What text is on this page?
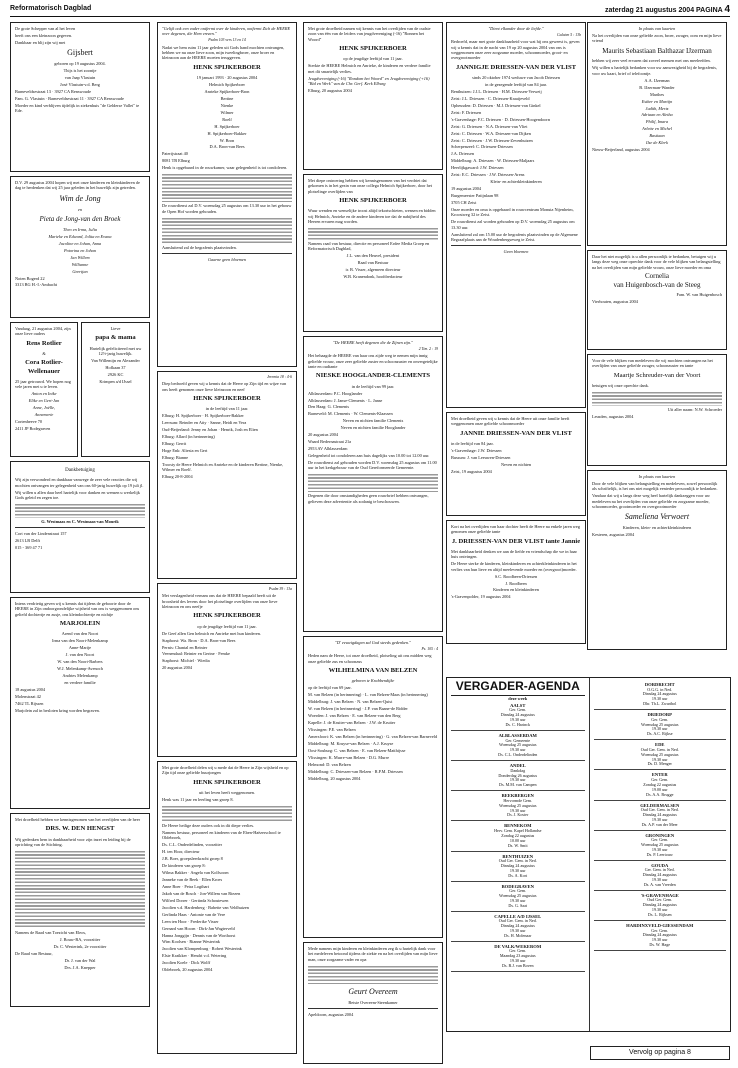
Reformatorisch Dagblad	zaterdag 21 augustus 2004 PAGINA 4

De grote Schepper van al het leven

heeft ons een kleinzoon gegeven.

Dankbaar en blij zijn wij met

Gijsbert

geboren op 19 augustus 2004.

Thijs is het zoontje

van Jaap Vlastuin

José Vlastuin-v.d. Berg

Barneveldsestraat 13 · 3927 CA Renswoude

Fam. G. Vlastuin · Barneveldsestraat 11 · 3927 CA Renswoude

Moeder en kind verblijven tijdelijk in ziekenhuis "de Gelderse Vallei" te Ede.

D.V. 29 augustus 2004 hopen wij met onze kinderen en kleinkinderen de dag te herdenken dat wij 25 jaar geleden in het huwelijk zijn getreden.

Wim de Jong
en
Pieta de Jong-van den Broek

Theo en Irma, Julia

Marieke en Edward, Jolita en Evana

Jacoline en Johan, Anna

Potorina en Johan

Jan Willem

Willianne

Geertjan

Noten Bogerd 22

3313 BG H.-I.-Ambacht

Vandaag, 21 augustus 2004, zijn onze lieve ouders

Rens Rotlier
&
Cora Rotlier-Wellenauer

25 jaar getrouwd. We hopen nog vele jaren met u te leven.

Anton en Inike

Elike en Gert-Jan

Anne, Joëlle,

Annemerie

Cortenheeve 70

2411 JP Bodegraven

Lieve
papa & mama

Hartelijk gefeliciteerd met uw 12½-jarig huwelijk.

Van Willemijn en Alexander

Hofkaan 37

2926 KC

Krimpen a/d IJssel

Dankbetuiging

Wij zijn verwonderd en dankbaar vanwege de zeer vele reacties die wij mochten ontvangen ter gelegenheid van ons 60-jarig huwelijk op 19 juli jl.

Wij willen u allen daar heel hartelijk voor danken en wensen u werkelijk Gods geleid en zegen toe.

G. Westmaas en C. Westmaas-van Mourik

Cort van der Lindenstraat 157

2613 LB Delft

015 - 369 47 71

Intens verdrietig geven wij u kennis dat tijdens de geboorte door de HEERE in Zijn ondoorgrondelijke wijsheid van ons is weggenomen ons geliefd dochtertje en zusje, ons kleindochtertje en nichtje

MARJOLEIN

Arend van den Noort

Irma van den Noort-Melenkamp

Anne-Marije

J. van den Noort

W. van den Noort-Barbers

W.J. Melenkamp-Avenoch

Andries Melenkamp

en verdere familie

18 augustus 2004

Molenstraat 42

7462 TL Rijssen

Marjolein zal in besloten kring worden begraven.

Met droefheid hebben we kennisgenomen van het overlijden van de heer

DRS. W. DEN HENGST

Wij gedenken hem in dankbaarheid voor zijn inzet en leiding bij de oprichting van de Stichting.

Namens de Raad van Toezicht van Eleos,

J. Bouw-BA, voorzitter

Dr. C. Westerink, 2e voorzitter

De Raad van Bestuur,

Dr. J. van der Wal

Drs. J.A. Knepper

"Gelijk ook een vader ontfermt over de kinderen, ontfermt Zich de HEERE over degenen, die Hem vrezen."

Psalm 103 vers 13 en 14

Nadat we hem ruim 11 jaar geleden uit Gods hand mochten ontvangen, hebben we nu onze lieve zoon, mijn tweelingbroer, onze broer en kleinzoon aan de HEERE moeten teruggeven.

HENK SPIJKERBOER

19 januari 1993 · 20 augustus 2004

Helmich Spijkerboer

Anrieke Spijkerboer-Bron

Bertine

Nienke

Wilmer

Roelf

H. Spijkerboer

H. Spijkerboer-Bakker

W. Bron

D.A. Bron-van Bees

Paterijstraat 40

8081 TB Elburg

Henk is opgebaard in de rouwkamer, waar gelegenheid is tot condoleren.

De rouwdienst zal D.V. woensdag 25 augustus om 13.30 uur in het gebouw de Open Hof worden gehouden.

Aansluitend zal de begrafenis plaatsvinden.

Gaarne geen bloemen

Jeremia 18 : 4-6

Diep bedroefd geven wij u kennis dat de Heere op Zijn tijd en wijze van ons heeft genomen onze lieve kleinzoon en neef

HENK SPIJKERBOER

in de leeftijd van 11 jaar.

Elburg: H. Spijkerboer · H. Spijkerboer-Bakker

Leersum: Reinder en Atty · Sanne, Heidi en Vera

Oud-Beijerland: Jenny en Johan · Henrik, Josh en Elien

Elburg: Allard (in herinnering)

Elburg: Gerrit

Hoge Enk: Aliesia en Gert

Elburg: Bianne

Troosty de Heere Helmich en Anrieke en de kinderen Bertine, Nienke, Wilmer en Roelf.

Elburg 20-8-2004

Psalm 39 : 13a

Met verslagenheid vernam ons dat de HEERE bepaald heeft uit de broosheid des levens door het plotselinge overlijden van onze lieve kleinzoon en ons neefje

HENK SPIJKERBOER

op de jeugdige leeftijd van 11 jaar.

De Geef allen Gen helmich en Anrieke met hun kinderen.

Staphorst: Wa. Bron · D.A. Bron-van Bees

Pernis: Chantal en Reinier

Veenendaal: Reinier en Gerine · Femke

Staphorst: Michiel · Wiedia

20 augustus 2004

Met grote droefheid delen wij u mede dat de Heere in Zijn wijsheid en op Zijn tijd onze geliefde buurjongen

HENK SPIJKERBOER

uit het leven heeft weggenomen.

Henk was 11 jaar en leerling van groep 8.

De Heere heilige deze ouders ook in dit diepe verlies.

Namens bestuur, personeel en kinderen van de Eben-Haëzerschool te Oldebroek,

Ds. C.L. Onderdelinden, voorzitter

H. ten Hoor, directeur

J.B. Boer, groepsleerkracht groep 8

De kinderen van groep 8:

Wilma Bakker · Angela van Kolfsoorn

Janneke van de Beek · Ellen Kroes

Anne Boer · Petra Logthart

Jakob van de Bosch · Jon-Willem van Riezen

Wilfred Dorrer · Gertinda Schoutewen

Jacolien v.d. Hardenberg · Babette van Veldhuizen

Gerlinda Haas · Antonie van de Vere

Leen ten Hoor · Frederike Visser

Gernard van Hoorn · Dirk-Jan Wagterveld

Hanna Jonggijn · Dennis van de Worthorst

Wim Koolsen · Rianne Westerink

Jacolien van Klompenburg · Robert Westerink

Elsie Kraikker · Hendri v.d. Wetering

Jacolien Koele · Dick Wolff

Oldebroek, 20 augustus 2004

Met grote droefheid namen wij kennis van het overlijden van de oudste zoon van één van de leiders van jeugdvereniging (-16) "Ronnen het Woord"

HENK SPIJKERBOER

op de jeugdige leeftijd van 11 jaar.

Sterkte de HEERE Helmich en Anrieke, de kinderen en verdere familie met dit smartelijk verlies.

Jeugdvereniging (-16) "Rondom het Woord" en Jeugdvereniging (+16) "Bid en Werk" van de Chr. Gerf. Kerk Elburg

Elburg, 20 augustus 2004

Met diepe ontroering hebben wij kennisgenomen van het verdriet dat gekomen is in het gezin van onze collega Helmich Spijkerboer, door het plotselinge overlijden van

HENK SPIJKERBOER

Wuur wenden en wenselijke troost altijd tekortschieten, wensen en bidden wij Helmich, Anrieke en de andere kinderen toe dat de nabijheid des Heeren ervaren mag worden.

Namens raad van bestuur, directie en personeel Erdee Media Groep en Reformatorisch Dagblad,

J.L. van den Heuvel, president

Raad van Bestuur

ir. B. Visser, algemeen directeur

W.B. Kranendonk, hoofdredacteur

"De HEERE heeft degenen die de Zijnen zijn."

2 Tim. 2 : 19

Het behaagde de HEERE van haar ons zijde weg te nemen mijn innig geliefde vrouw, onze zeer geliefde zuster en schoonzuster en onvergetelijke tante en oudtante

NIESKE HOOGLANDER-CLEMENTS

in de leeftijd van 99 jaar.

Alblasserdam: P.C. Hooglander

Alblasserdam: J. Janse-Clements · L. Janse

Den Haag: G. Clements

Barneveld: M. Clements · W. Clements-Klaassen

Neven en nichten familie Clements

Neven en nichten familie Hooglander

20 augustus 2004

Waard Bedernastraat 21a

2953 AV Alblasserdam

Gelegenheid tot condoleren aan huis dagelijks van 10.00 tot 12.00 uur.

De rouwdienst zal gehouden worden D.V. woensdag 25 augustus om 11.00 uur in het kerkgebouw van de Oud Gereformeerde Gemeente.

Degenen die door omstandigheden geen rouwbrief hebben ontvangen, gelieven deze advertentie als zodanig te beschouwen.

"D' eeuwigdagen zal God steeds gedenken."

Ps. 105 : 4

Heden nam de Heere, tot onze droefheid, plotseling uit ons midden weg onze geliefde zus en schoonzus

WILHELMINA VAN BELZEN

geboren te Krabbendijke

op de leeftijd van 69 jaar.

M. van Belzen (in herinnering) · L. van Belzen-Maas (in herinnering)

Middelburg: J. van Belzen · N. van Belzen-Quist

W. van Belzen (in herinnering) · J.P. van Baane-de Ridder

Woerden: J. van Belzen · E. van Belzen-van den Berg

Kapelle: J. de Kruiter-van Belzen · J.W. de Kruiter

Vlissingen: P.E. van Belzen

Amersfoort: K. van Belzen (in herinnering) · G. van Belzen-van Barneveld

Middelburg: M. Kruyse-van Belzen · A.J. Kruyse

Oost-Souburg: C. van Belzen · E. van Belzen-Matthijsse

Vlissingen: K. Murre-van Belzen · D.G. Murre

Helmond: D. van Belzen

Middelburg: C. Driessen-van Belzen · R.P.M. Driessen

Middelburg, 20 augustus 2004

Mede namens mijn kinderen en kleinkinderen zeg ik u hartelijk dank voor het medeleven betoond tijdens de ziekte en na het overlijden van mijn lieve man, onze zorgzame vader en opa

Geurt Overeem

Betsie Overeem-Steenkamer

Apeldoorn, augustus 2004

"Dient elkander door de liefde."

Galaten 5 : 13b

Bedroefd, maar met grote dankbaarheid voor wat hij ons geweest is, geven wij u kennis dat in de nacht van 19 op 20 augustus 2004 van ons is weggenomen onze zeer zorgzame moeder, schoonmoeder, groot- en overgrootmoeder

JANNIGJE DRIESSEN-VAN DER VLIST

sinds 20 oktober 1974 weduwe van Jacob Driessen

in de gezegende leeftijd van 84 jaar.

Benthuizen: J.J.L. Driessen · H.M. Driessen-Verweij

Zeist: J.L. Driessen · C. Driessen-Kraaijeveld

Opheusden: D. Driessen · M.J. Driessen-van Ginkel

Zeist: F. Driessen

's-Gravenhage: F.C. Driessen · D. Driessen-Hoogendoorn

Zeist: G. Driessen · N.A. Driessen-van Vliet

Zeist: C. Driessen · W.A. Driessen-van Dijken

Zeist: C. Driessen · J.W. Driessen-Zevenhuizen

Scherpenzeel: C. Driessen-Driessen

J.A. Driessen

Middelburg: A. Driessen · W. Driessen-Maljaars

Heerlijkgaward: J.W. Driessen

Zeist: E.C. Driessen · J.W. Driessen-Arens

Klein- en achterkleinkinderen

19 augustus 2004

Burgemeester Patijnlaan 98

3705 CH Zeist

Onze moeder en oma is opgebaard in rouwcentrum Monuta Nijenheim, Kroostweg 32 te Zeist.

De rouwdienst zal worden gehouden op D.V. woensdag 25 augustus om 13.30 uur.

Aansluitend zal om 15.00 uur de begrafenis plaatsvinden op de Algemene Begraafplaats aan de Woudenbergseweg te Zeist.

Geen bloemen

Met droefheid geven wij u kennis dat de Heere uit onze familie heeft weggenomen onze geliefde schoonmoeder

JANNIE DRIESSEN-VAN DER VLIST

in de leeftijd van 84 jaar.

's-Gravenhage: J.W. Driessen

Bussum: J. van Leeuwen-Driessen

Neven en nichten

Zeist, 19 augustus 2004

Kort na het overlijden van haar dochter heeft de Heere na enkele jaren weg genomen onze geliefde tante

J. DRIESSEN-VAN DER VLIST tante Jannie

Met dankbaarheid denken we aan de liefde en vriendschap die we in haar huis ontvingen.

De Heere sterke de kinderen, kleinkinderen en achterkleinkinderen in het verlies van hun lieve en altijd meelevende moeder en (overgroot)moeder.

S.C. Roodbeen-Driessen

J. Roodbeen

Kinderen en kleinkinderen

's-Gravenpolder, 19 augustus 2004

In plaats van kaarten

Na het overlijden van onze geliefde zoon, broer, zwager, oom en mijn lieve vriend

Maurits Sebastiaan Balthazar IJzerman

hebben wij zeer veel ervaren dat zoveel mensen met ons meeleefden.

Wij willen u hartelijk bedanken voor uw aanwezigheid bij de begrafenis, voor uw kaart, brief of telefoontje.

A.A. IJzerman

B. IJzerman-Wander

Marthes

Esther en Martijn

Judith, Mertz

Adriaan en Aletha

Philif, Imara

Arlette en Michel

Bastiaan

Ilse de Klerk

Nieuw-Beijerland, augustus 2004

Daar het niet mogelijk is u allen persoonlijk te bedanken, betuigen wij u langs deze weg onze oprechte dank voor de vele blijken van belangstelling na het overlijden van mijn geliefde vrouw, onze lieve moeder en oma

Cornelia
van Huigenbosch-van de Steeg

Fam. W. van Huigenbosch

Vierhouten, augustus 2004

Voor de vele blijken van medeleven die wij mochten ontvangen na het overlijden van onze geliefde zwager, schoonzuster en tante

Maartje Schreuder-van der Voort

betuigen wij onze oprechte dank.

Uit aller naam: N.W. Schroeder

Leusden, augustus 2004

In plaats van kaarten

Door de vele blijken van belangstelling en medeleven, zowel persoonlijk als schriftelijk, is het ons niet mogelijk eenieder persoonlijk te bedanken.

Vandaar dat wij u langs deze weg heel hartelijk dankzeggen voor uw medeleven na het overlijden van onze geliefde en zorgzame moeder, schoonmoeder, grootmoeder en overgrootmoeder

Sameliena Verwoert

Kinderen, klein- en achterkleinkinderen

Kesteren, augustus 2004

VERGADER-AGENDA
deze week
AALST
Ger. Gem.
Dinsdag 24 augustus
19.30 uur
Ds. C. Harinck
ALBLASSERDAM
Ger. Gemeente
Woensdag 25 augustus
19.30 uur
Ds. C.L. Onderdelinden
ANDEL
Dankdag
Donderdag 26 augustus
19.30 uur
Ds. M.M. van Campen
BEEKBERGEN
Hervormde Gem.
Woensdag 25 augustus
19.30 uur
Ds. J. Koster
BENNEKOM
Herv. Gem. Kapel Hollandse
Zondag 22 augustus
10.00 uur
Ds. W. Smit
BENTHUIZEN
Oud Ger. Gem. in Ned.
Dinsdag 24 augustus
19.30 uur
Ds. A. Kort
BODEGRAVEN
Ger. Gem.
Woensdag 25 augustus
19.30 uur
Ds. G. Saat
CAPELLE A/D IJSSEL
Oud Ger. Gem. in Ned.
Dinsdag 24 augustus
19.30 uur
Ds. H. Molenaar
DE VALK/WEKEROM
Ger. Gem.
Maandag 23 augustus
19.30 uur
Ds. B.J. van Boven
DORDRECHT
O.G.G. in Ned.
Dinsdag 24 augustus
19.30 uur
Dhr. Th.L. Zwartbol
DRIEDORP
Ger. Gem.
Woensdag 25 augustus
19.30 uur
Ds. A.C. Rijkse
EDE
Oud Ger. Gem. in Ned.
Woensdag 25 augustus
19.30 uur
Ds. D. Menger
ENTER
Ger. Gem.
Zondag 22 augustus
19.00 uur
Ds. A.A. Brugge
GELDERMALSEN
Oud Ger. Gem. in Ned.
Dinsdag 24 augustus
19.30 uur
Ds. A.P. van der Meer
GRONINGEN
Ger. Gem.
Woensdag 25 augustus
19.30 uur
Ds. P. Leertouw
GOUDA
Ger. Gem. in Ned.
Dinsdag 24 augustus
19.30 uur
Ds. A. van Vreeden
'S-GRAVENHAGE
Oud Ger. Gem.
Dinsdag 24 augustus
19.30 uur
Ds. L. Rijksen
HARDINXVELD-GIESSENDAM
Ger. Gem.
Dinsdag 24 augustus
19.30 uur
Ds. W. Hage
Vervolg op pagina 8
